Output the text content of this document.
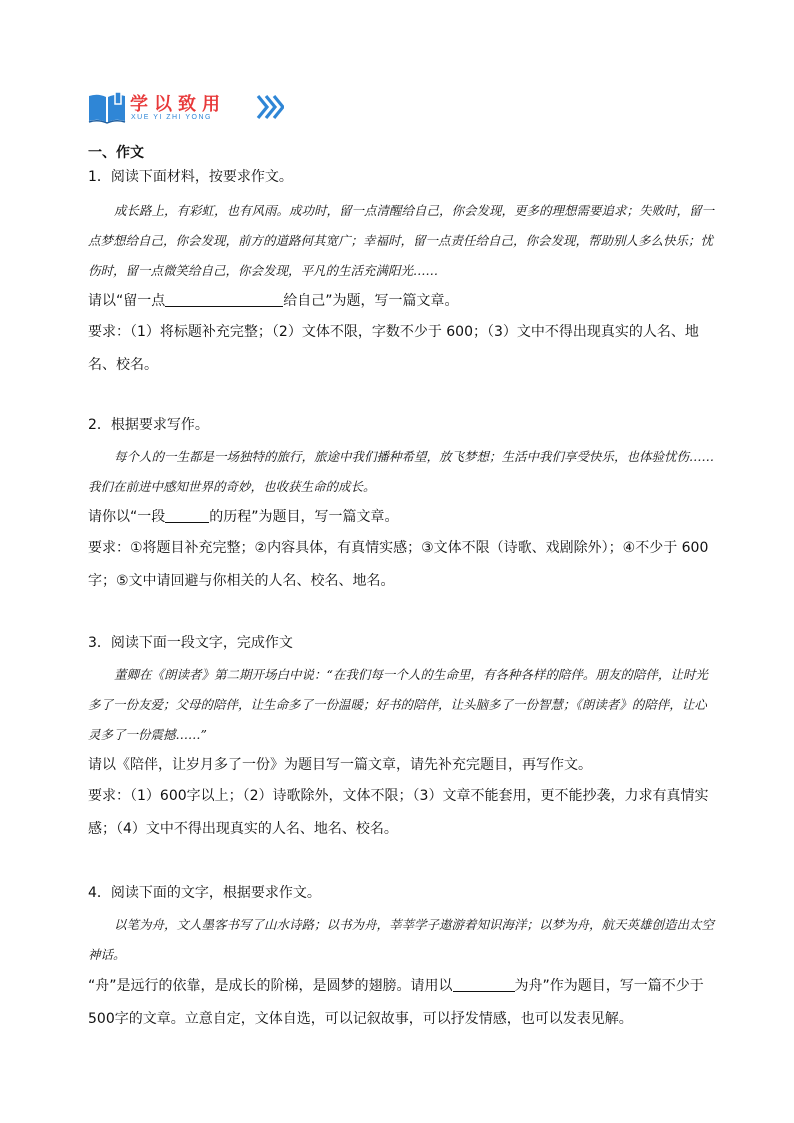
学以致用
XUE YI ZHI YONG
一、作文

1．阅读下面材料，按要求作文。

成长路上，有彩虹，也有风雨。成功时，留一点清醒给自己，你会发现，更多的理想需要追求；失败时，留一点梦想给自己，你会发现，前方的道路何其宽广；幸福时，留一点责任给自己，你会发现，帮助别人多么快乐；忧伤时，留一点微笑给自己，你会发现，平凡的生活充满阳光……

请以“留一点	给自己”为题，写一篇文章。

要求：（1）将标题补充完整；（2）文体不限，字数不少于 600；（3）文中不得出现真实的人名、地名、校名。

2．根据要求写作。

每个人的一生都是一场独特的旅行，旅途中我们播种希望，放飞梦想；生活中我们享受快乐，也体验忧伤……我们在前进中感知世界的奇妙，也收获生命的成长。

请你以“一段	的历程”为题目，写一篇文章。

要求：①将题目补充完整；②内容具体，有真情实感；③文体不限（诗歌、戏剧除外）；④不少于 600字；⑤文中请回避与你相关的人名、校名、地名。

3．阅读下面一段文字，完成作文

董卿在《朗读者》第二期开场白中说：“在我们每一个人的生命里，有各种各样的陪伴。朋友的陪伴，让时光多了一份友爱；父母的陪伴，让生命多了一份温暖；好书的陪伴，让头脑多了一份智慧；《朗读者》的陪伴，让心灵多了一份震撼……”

请以《陪伴，让岁月多了一份》为题目写一篇文章，请先补充完题目，再写作文。

要求：（1）600字以上；（2）诗歌除外，文体不限；（3）文章不能套用，更不能抄袭，力求有真情实感；（4）文中不得出现真实的人名、地名、校名。

4．阅读下面的文字，根据要求作文。

以笔为舟，文人墨客书写了山水诗路；以书为舟，莘莘学子遨游着知识海洋；以梦为舟，航天英雄创造出太空神话。

“舟”是远行的依靠，是成长的阶梯，是圆梦的翅膀。请用以	为舟”作为题目，写一篇不少于 500字的文章。立意自定，文体自选，可以记叙故事，可以抒发情感，也可以发表见解。
